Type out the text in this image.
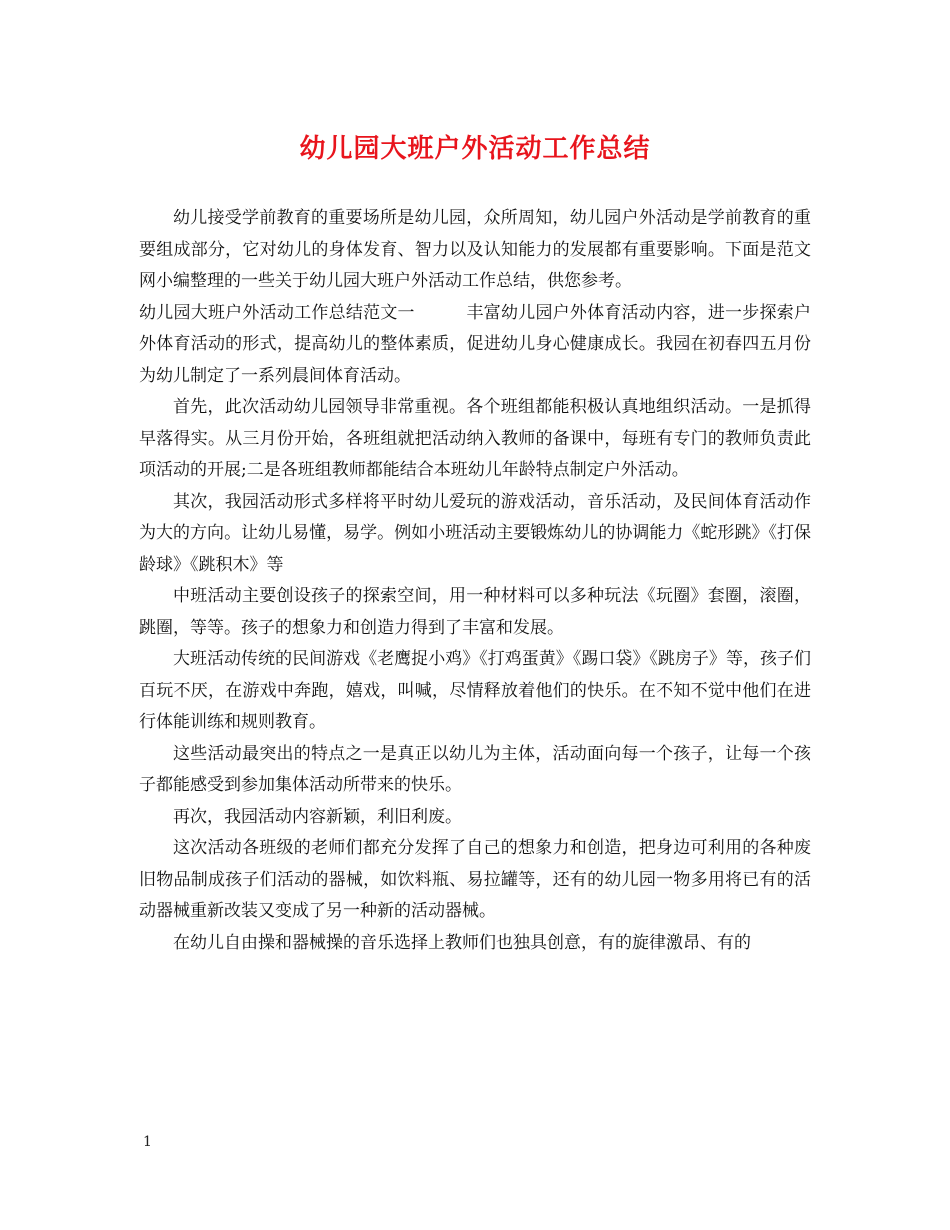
幼儿园大班户外活动工作总结

幼儿接受学前教育的重要场所是幼儿园，众所周知，幼儿园户外活动是学前教育的重要组成部分，它对幼儿的身体发育、智力以及认知能力的发展都有重要影响。下面是范文网小编整理的一些关于幼儿园大班户外活动工作总结，供您参考。

幼儿园大班户外活动工作总结范文一　　　丰富幼儿园户外体育活动内容，进一步探索户外体育活动的形式，提高幼儿的整体素质，促进幼儿身心健康成长。我园在初春四五月份为幼儿制定了一系列晨间体育活动。

首先，此次活动幼儿园领导非常重视。各个班组都能积极认真地组织活动。一是抓得早落得实。从三月份开始，各班组就把活动纳入教师的备课中，每班有专门的教师负责此项活动的开展;二是各班组教师都能结合本班幼儿年龄特点制定户外活动。

其次，我园活动形式多样将平时幼儿爱玩的游戏活动，音乐活动，及民间体育活动作为大的方向。让幼儿易懂，易学。例如小班活动主要锻炼幼儿的协调能力《蛇形跳》《打保龄球》《跳积木》等

中班活动主要创设孩子的探索空间，用一种材料可以多种玩法《玩圈》套圈，滚圈，跳圈，等等。孩子的想象力和创造力得到了丰富和发展。

大班活动传统的民间游戏《老鹰捉小鸡》《打鸡蛋黄》《踢口袋》《跳房子》等，孩子们百玩不厌，在游戏中奔跑，嬉戏，叫喊，尽情释放着他们的快乐。在不知不觉中他们在进行体能训练和规则教育。

这些活动最突出的特点之一是真正以幼儿为主体，活动面向每一个孩子，让每一个孩子都能感受到参加集体活动所带来的快乐。

再次，我园活动内容新颖，利旧利废。

这次活动各班级的老师们都充分发挥了自己的想象力和创造，把身边可利用的各种废旧物品制成孩子们活动的器械，如饮料瓶、易拉罐等，还有的幼儿园一物多用将已有的活动器械重新改装又变成了另一种新的活动器械。

在幼儿自由操和器械操的音乐选择上教师们也独具创意，有的旋律激昂、有的

1
